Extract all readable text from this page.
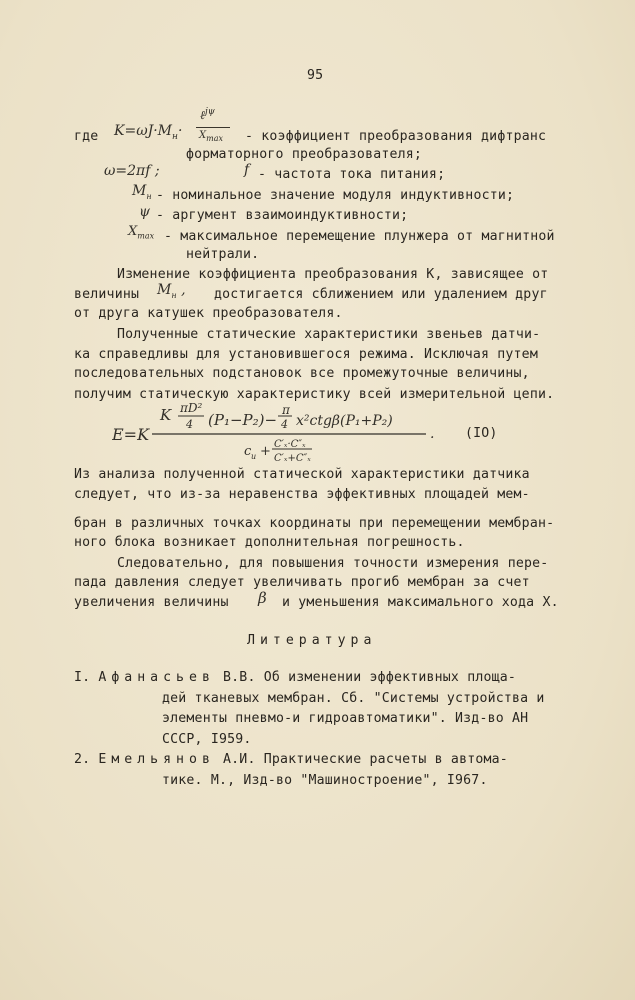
95
где $K=\omega J\cdot M_н\cdot$
ℓ$^{j\psi}$
$X_{max}$ - коэффициент преобразования дифтранс
форматорного преобразователя;
ω=2πf ;	f - частота тока питания;
$M_н$ - номинальное значение модуля индуктивности;
ψ - аргумент взаимоиндуктивности;
$X_{max}$ - максимальное перемещение плунжера от магнитной
нейтрали.
Изменение коэффициента преобразования К, зависящее от
величины $M_н$ , достигается сближением или удалением друг
от друга катушек преобразователя.
Полученные статические характеристики звеньев датчи-
ка справедливы для установившегося режима. Исключая путем
последовательных подстановок все промежуточные величины,
получим статическую характеристику всей измерительной цепи.
E=K
K πD²
4 (P₁−P₂)−
π
4 x²ctgβ(P₁+P₂)
c u + C′ₓ·C″ₓ
C′ₓ+C″ₓ
. (IO)
Из анализа полученной статической характеристики датчика
следует, что из-за неравенства эффективных площадей мем-
бран в различных точках координаты при перемещении мембран-
ного блока возникает дополнительная погрешность.
Следовательно, для повышения точности измерения пере-
пада давления следует увеличивать прогиб мембран за счет
увеличения величины β и уменьшения максимального хода Х.
Литература
I. Афанасьев В.В. Об изменении эффективных площа-
дей тканевых мембран. Сб. "Системы устройства и
элементы пневмо-и гидроавтоматики". Изд-во АН
СССР, I959.
2. Емельянов А.И. Практические расчеты в автома-
тике. М., Изд-во "Машиностроение", I967.
